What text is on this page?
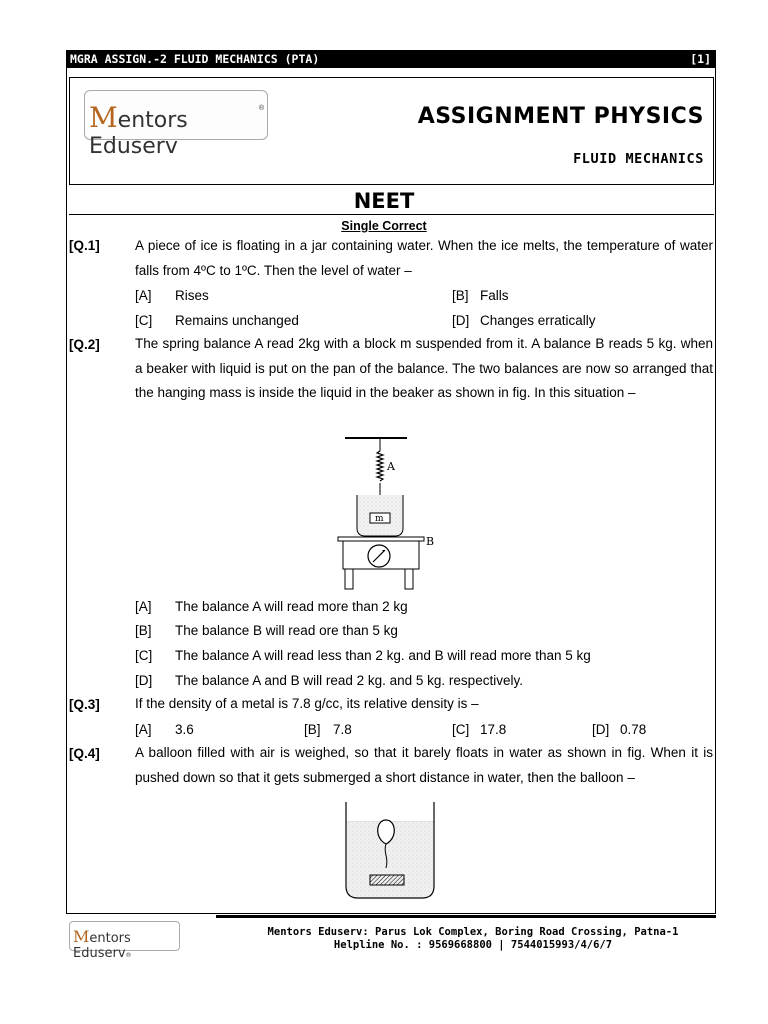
MGRA ASSIGN.-2 FLUID MECHANICS (PTA)	[1]
Mentors Eduserv
®	ASSIGNMENT PHYSICS
FLUID MECHANICS
NEET
Single Correct
[Q.1]	A piece of ice is floating in a jar containing water. When the ice melts, the temperature of water falls from 4ºC to 1ºC. Then the level of water –
[A] Rises	[B] Falls
[C] Remains unchanged	[D] Changes erratically
[Q.2]	The spring balance A read 2kg with a block m suspended from it. A balance B reads 5 kg. when a beaker with liquid is put on the pan of the balance. The two balances are now so arranged that the hanging mass is inside the liquid in the beaker as shown in fig. In this situation –
A
m
B
[A] The balance A will read more than 2 kg
[B] The balance B will read ore than 5 kg
[C] The balance A will read less than 2 kg. and B will read more than 5 kg
[D] The balance A and B will read 2 kg. and 5 kg. respectively.
[Q.3]	If the density of a metal is 7.8 g/cc, its relative density is –
[A] 3.6	[B] 7.8	[C] 17.8	[D] 0.78
[Q.4]	A balloon filled with air is weighed, so that it barely floats in water as shown in fig. When it is pushed down so that it gets submerged a short distance in water, then the balloon –
Mentors Eduserv®
Mentors Eduserv: Parus Lok Complex, Boring Road Crossing, Patna-1
Helpline No. : 9569668800 | 7544015993/4/6/7
